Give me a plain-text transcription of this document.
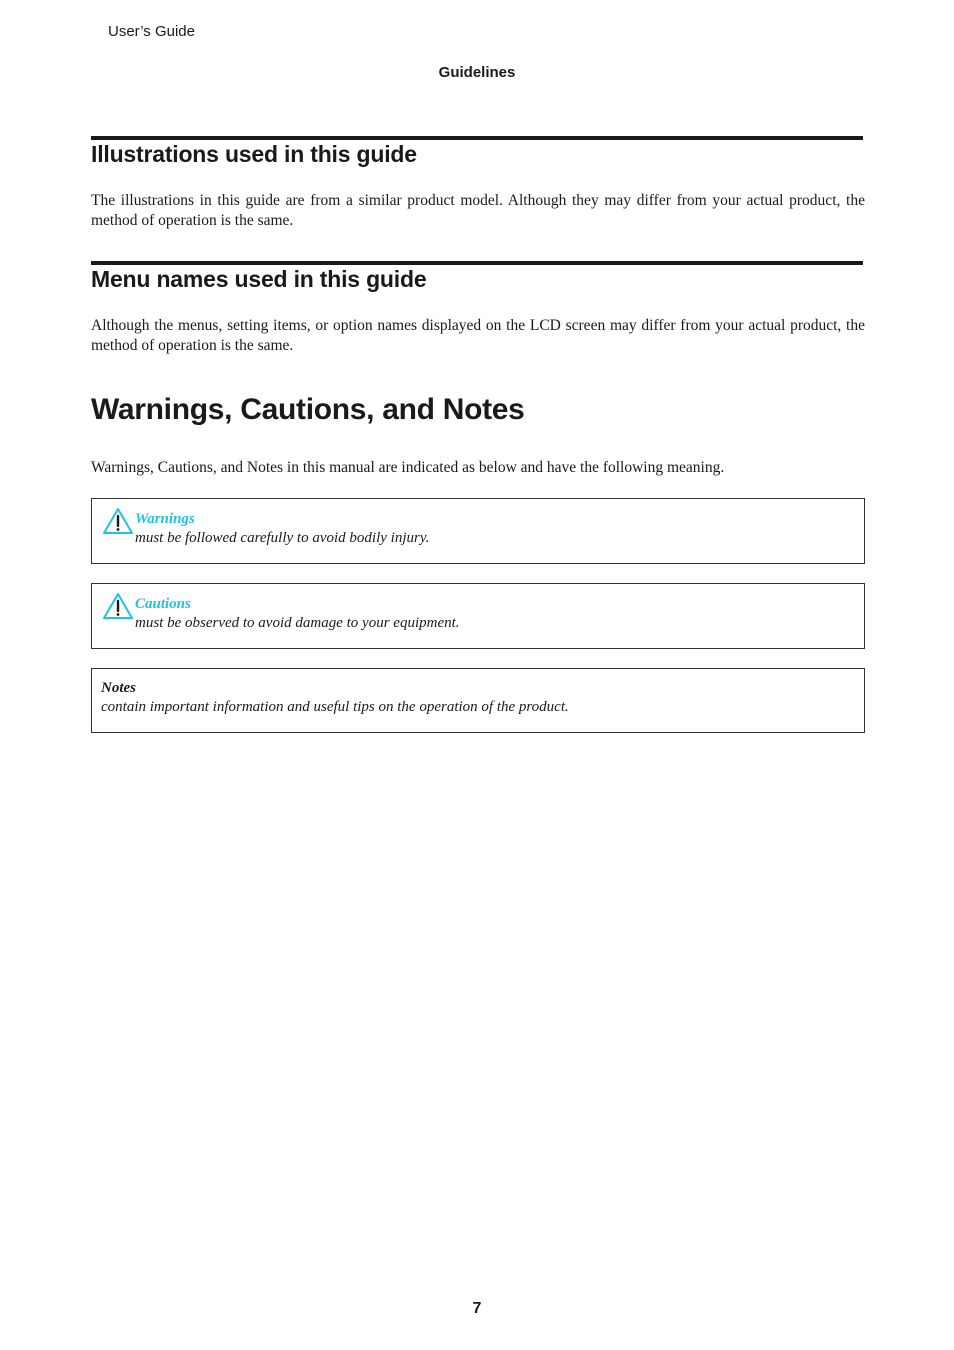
User’s Guide
Guidelines
Illustrations used in this guide

The illustrations in this guide are from a similar product model. Although they may differ from your actual product, the method of operation is the same.

Menu names used in this guide

Although the menus, setting items, or option names displayed on the LCD screen may differ from your actual product, the method of operation is the same.

Warnings, Cautions, and Notes

Warnings, Cautions, and Notes in this manual are indicated as below and have the following meaning.

Warnings
must be followed carefully to avoid bodily injury.
Cautions
must be observed to avoid damage to your equipment.
Notes
contain important information and useful tips on the operation of the product.
7
